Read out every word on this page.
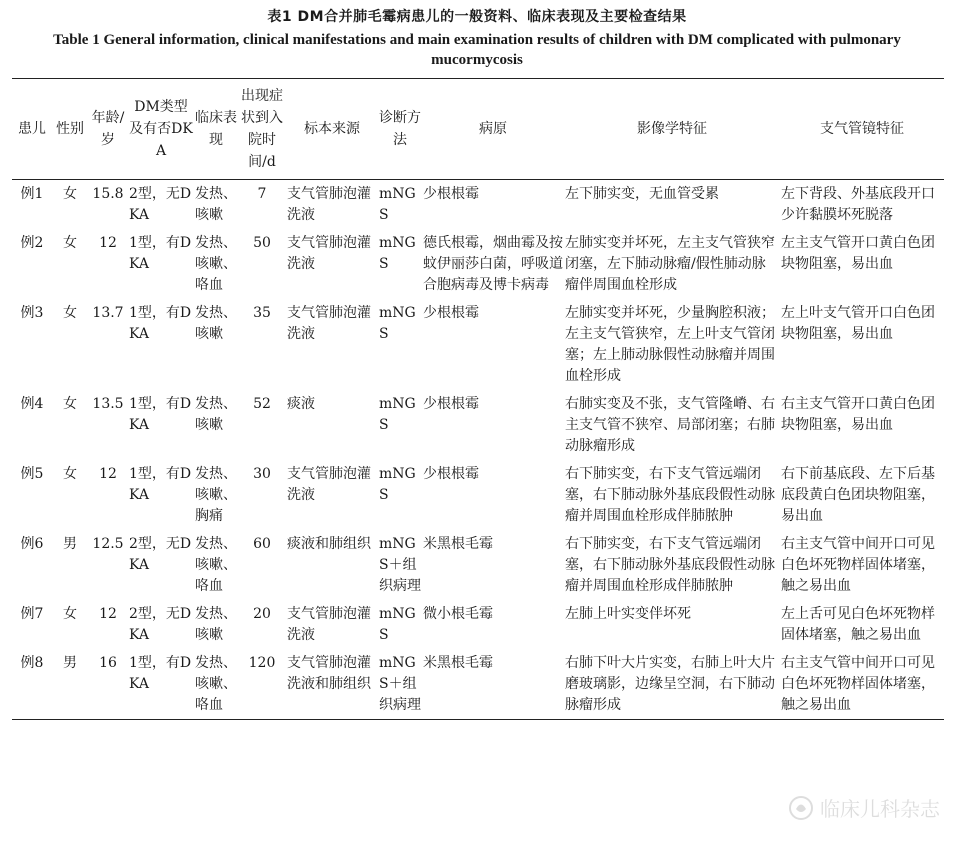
表1 DM合并肺毛霉病患儿的一般资料、临床表现及主要检查结果
Table 1 General information, clinical manifestations and main examination results of children with DM complicated with pulmonary mucormycosis
患儿	性别	年龄/岁	DM类型及有否DKA	临床表现	出现症状到入院时间/d	标本来源	诊断方法	病原	影像学特征	支气管镜特征
例1	女	15.8	2型，无DKA	发热、咳嗽	7	支气管肺泡灌洗液	mNGS	少根根霉	左下肺实变，无血管受累	左下背段、外基底段开口少许黏膜坏死脱落
例2	女	12	1型，有DKA	发热、咳嗽、咯血	50	支气管肺泡灌洗液	mNGS	德氏根霉，烟曲霉及按蚊伊丽莎白菌，呼吸道合胞病毒及博卡病毒	左肺实变并坏死，左主支气管狭窄闭塞，左下肺动脉瘤/假性肺动脉瘤伴周围血栓形成	左主支气管开口黄白色团块物阻塞，易出血
例3	女	13.7	1型，有DKA	发热、咳嗽	35	支气管肺泡灌洗液	mNGS	少根根霉	左肺实变并坏死，少量胸腔积液；左主支气管狭窄，左上叶支气管闭塞；左上肺动脉假性动脉瘤并周围血栓形成	左上叶支气管开口白色团块物阻塞，易出血
例4	女	13.5	1型，有DKA	发热、咳嗽	52	痰液	mNGS	少根根霉	右肺实变及不张，支气管隆嵴、右主支气管不狭窄、局部闭塞；右肺动脉瘤形成	右主支气管开口黄白色团块物阻塞，易出血
例5	女	12	1型，有DKA	发热、咳嗽、胸痛	30	支气管肺泡灌洗液	mNGS	少根根霉	右下肺实变，右下支气管远端闭塞，右下肺动脉外基底段假性动脉瘤并周围血栓形成伴肺脓肿	右下前基底段、左下后基底段黄白色团块物阻塞，易出血
例6	男	12.5	2型，无DKA	发热、咳嗽、咯血	60	痰液和肺组织	mNGS＋组织病理	米黑根毛霉	右下肺实变，右下支气管远端闭塞，右下肺动脉外基底段假性动脉瘤并周围血栓形成伴肺脓肿	右主支气管中间开口可见白色坏死物样固体堵塞，触之易出血
例7	女	12	2型，无DKA	发热、咳嗽	20	支气管肺泡灌洗液	mNGS	微小根毛霉	左肺上叶实变伴坏死	左上舌可见白色坏死物样固体堵塞，触之易出血
例8	男	16	1型，有DKA	发热、咳嗽、咯血	120	支气管肺泡灌洗液和肺组织	mNGS＋组织病理	米黑根毛霉	右肺下叶大片实变，右肺上叶大片磨玻璃影，边缘呈空洞，右下肺动脉瘤形成	右主支气管中间开口可见白色坏死物样固体堵塞，触之易出血
临床儿科杂志
